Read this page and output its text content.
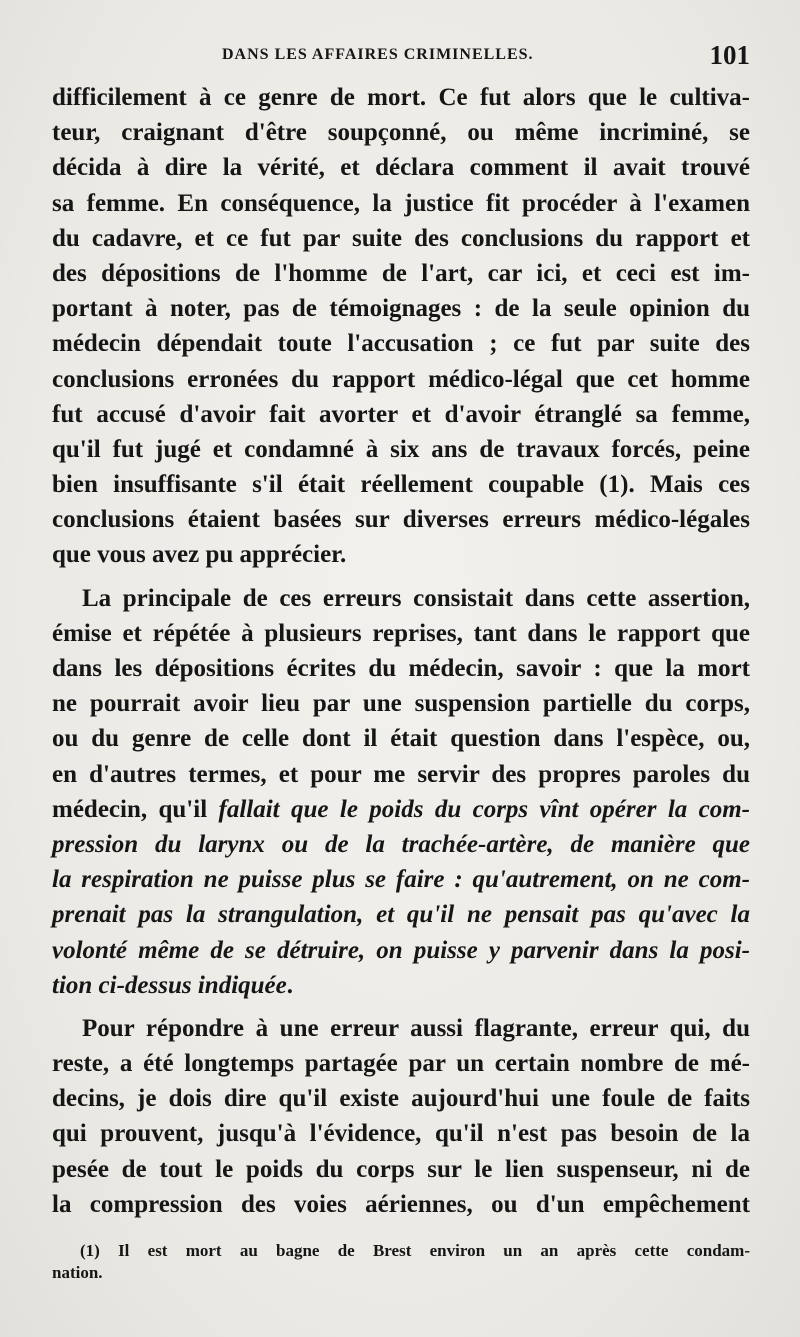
DANS LES AFFAIRES CRIMINELLES.	101
difficilement à ce genre de mort. Ce fut alors que le cultiva-
teur, craignant d'être soupçonné, ou même incriminé, se
décida à dire la vérité, et déclara comment il avait trouvé
sa femme. En conséquence, la justice fit procéder à l'examen
du cadavre, et ce fut par suite des conclusions du rapport et
des dépositions de l'homme de l'art, car ici, et ceci est im-
portant à noter, pas de témoignages : de la seule opinion du
médecin dépendait toute l'accusation ; ce fut par suite des
conclusions erronées du rapport médico-légal que cet homme
fut accusé d'avoir fait avorter et d'avoir étranglé sa femme,
qu'il fut jugé et condamné à six ans de travaux forcés, peine
bien insuffisante s'il était réellement coupable (1). Mais ces
conclusions étaient basées sur diverses erreurs médico-légales
que vous avez pu apprécier.
La principale de ces erreurs consistait dans cette assertion,
émise et répétée à plusieurs reprises, tant dans le rapport que
dans les dépositions écrites du médecin, savoir : que la mort
ne pourrait avoir lieu par une suspension partielle du corps,
ou du genre de celle dont il était question dans l'espèce, ou,
en d'autres termes, et pour me servir des propres paroles du
médecin, qu'il fallait que le poids du corps vînt opérer la com-
pression du larynx ou de la trachée-artère, de manière que
la respiration ne puisse plus se faire : qu'autrement, on ne com-
prenait pas la strangulation, et qu'il ne pensait pas qu'avec la
volonté même de se détruire, on puisse y parvenir dans la posi-
tion ci-dessus indiquée.
Pour répondre à une erreur aussi flagrante, erreur qui, du
reste, a été longtemps partagée par un certain nombre de mé-
decins, je dois dire qu'il existe aujourd'hui une foule de faits
qui prouvent, jusqu'à l'évidence, qu'il n'est pas besoin de la
pesée de tout le poids du corps sur le lien suspenseur, ni de
la compression des voies aériennes, ou d'un empêchement
(1) Il est mort au bagne de Brest environ un an après cette condam-
nation.
